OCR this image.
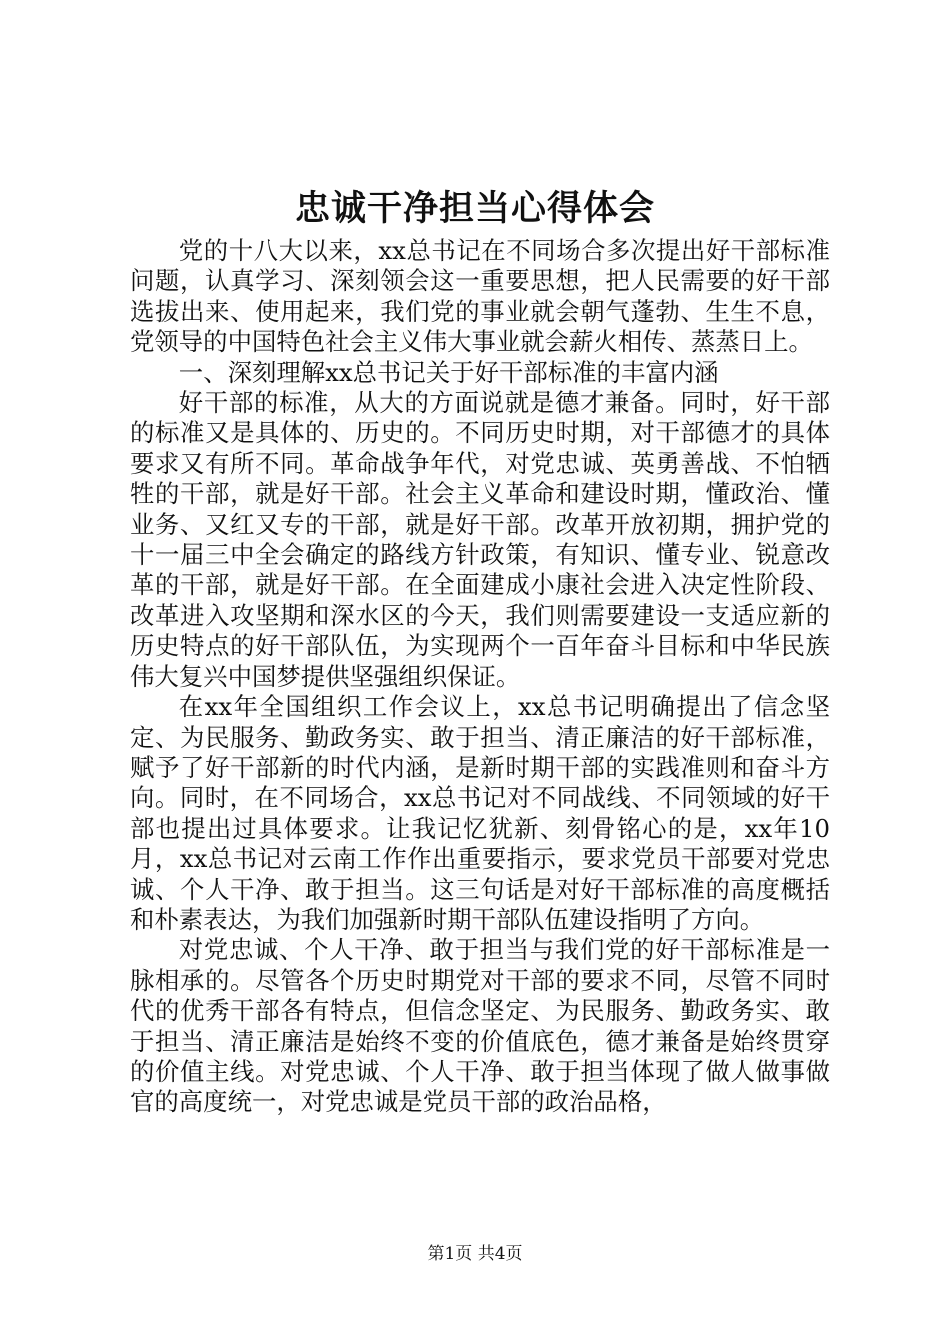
忠诚干净担当心得体会

党的十八大以来，xx总书记在不同场合多次提出好干部标准问题，认真学习、深刻领会这一重要思想，把人民需要的好干部选拔出来、使用起来，我们党的事业就会朝气蓬勃、生生不息，党领导的中国特色社会主义伟大事业就会薪火相传、蒸蒸日上。

一、深刻理解xx总书记关于好干部标准的丰富内涵

好干部的标准，从大的方面说就是德才兼备。同时，好干部的标准又是具体的、历史的。不同历史时期，对干部德才的具体要求又有所不同。革命战争年代，对党忠诚、英勇善战、不怕牺牲的干部，就是好干部。社会主义革命和建设时期，懂政治、懂业务、又红又专的干部，就是好干部。改革开放初期，拥护党的十一届三中全会确定的路线方针政策，有知识、懂专业、锐意改革的干部，就是好干部。在全面建成小康社会进入决定性阶段、改革进入攻坚期和深水区的今天，我们则需要建设一支适应新的历史特点的好干部队伍，为实现两个一百年奋斗目标和中华民族伟大复兴中国梦提供坚强组织保证。

在xx年全国组织工作会议上，xx总书记明确提出了信念坚定、为民服务、勤政务实、敢于担当、清正廉洁的好干部标准，赋予了好干部新的时代内涵，是新时期干部的实践准则和奋斗方向。同时，在不同场合，xx总书记对不同战线、不同领域的好干部也提出过具体要求。让我记忆犹新、刻骨铭心的是，xx年10月，xx总书记对云南工作作出重要指示，要求党员干部要对党忠诚、个人干净、敢于担当。这三句话是对好干部标准的高度概括和朴素表达，为我们加强新时期干部队伍建设指明了方向。

对党忠诚、个人干净、敢于担当与我们党的好干部标准是一脉相承的。尽管各个历史时期党对干部的要求不同，尽管不同时代的优秀干部各有特点，但信念坚定、为民服务、勤政务实、敢于担当、清正廉洁是始终不变的价值底色，德才兼备是始终贯穿的价值主线。对党忠诚、个人干净、敢于担当体现了做人做事做官的高度统一，对党忠诚是党员干部的政治品格，

第1页 共4页
